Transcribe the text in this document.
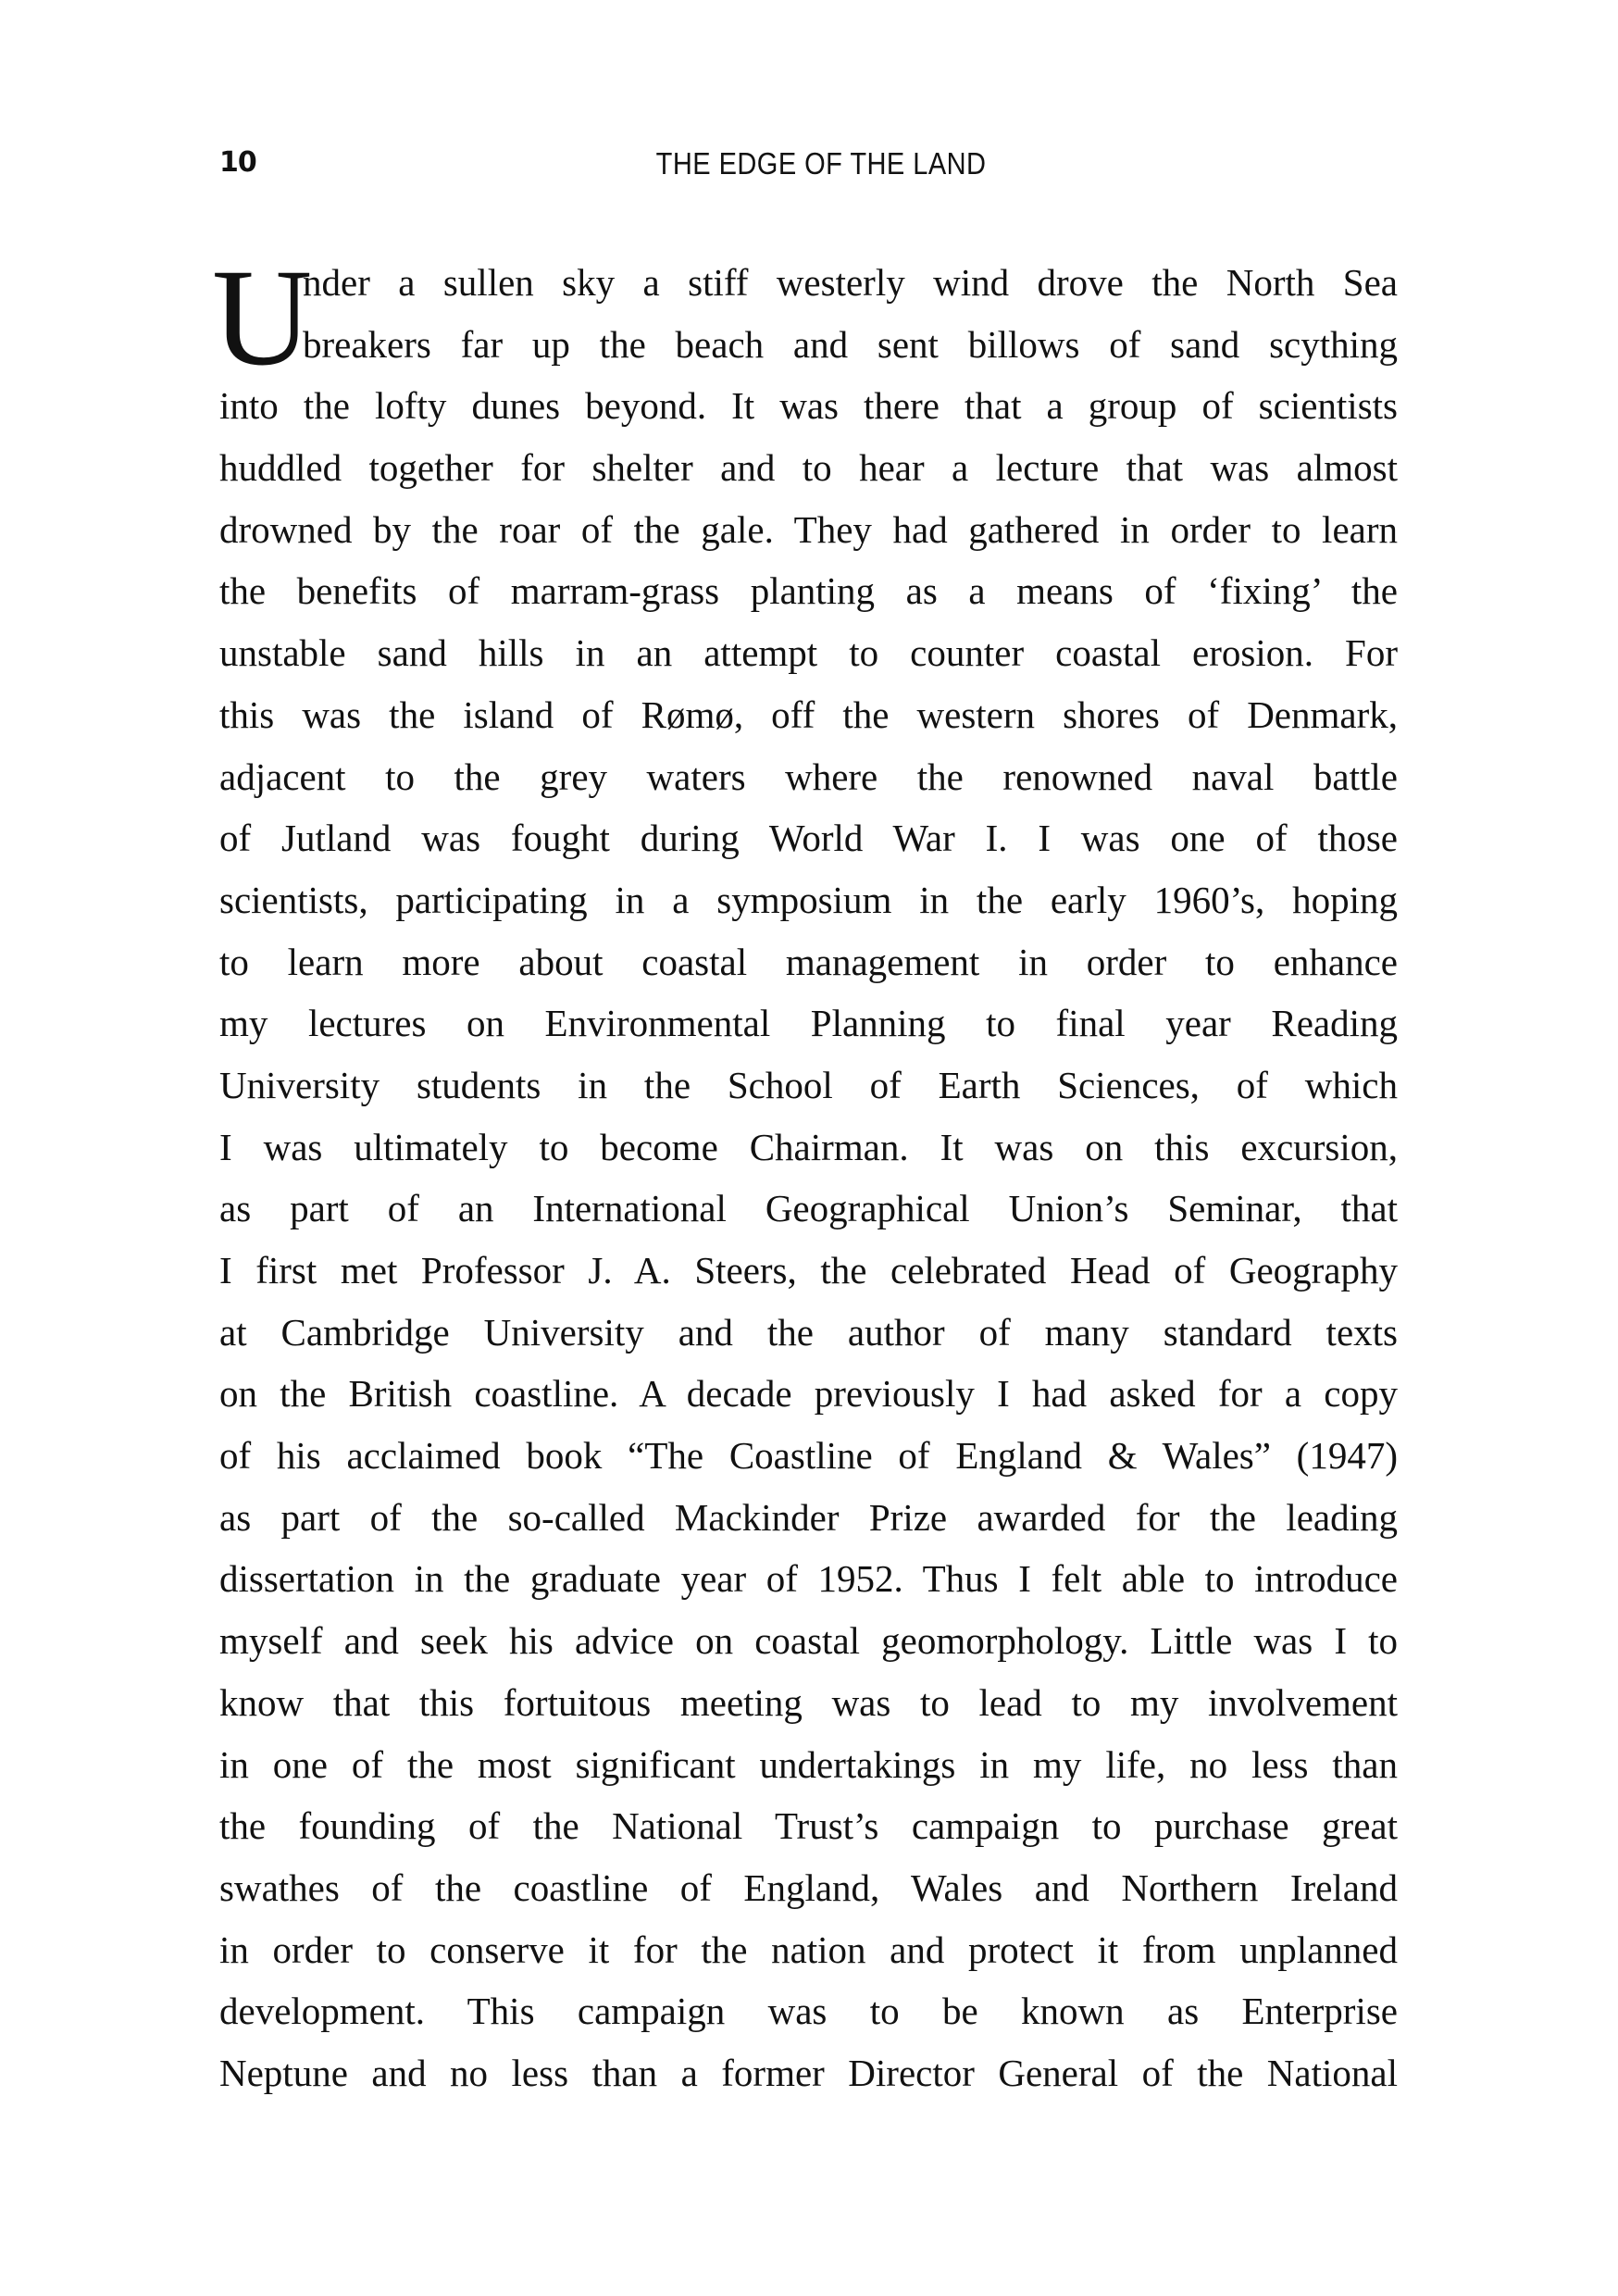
10	THE EDGE OF THE LAND
U
nder a sullen sky a stiff westerly wind drove the North Sea
breakers far up the beach and sent billows of sand scything
into the lofty dunes beyond. It was there that a group of scientists
huddled together for shelter and to hear a lecture that was almost
drowned by the roar of the gale. They had gathered in order to learn
the benefits of marram-grass planting as a means of ‘fixing’ the
unstable sand hills in an attempt to counter coastal erosion. For
this was the island of Rømø, off the western shores of Denmark,
adjacent to the grey waters where the renowned naval battle
of Jutland was fought during World War I. I was one of those
scientists, participating in a symposium in the early 1960’s, hoping
to learn more about coastal management in order to enhance
my lectures on Environmental Planning to final year Reading
University students in the School of Earth Sciences, of which
I was ultimately to become Chairman. It was on this excursion,
as part of an International Geographical Union’s Seminar, that
I first met Professor J. A. Steers, the celebrated Head of Geography
at Cambridge University and the author of many standard texts
on the British coastline. A decade previously I had asked for a copy
of his acclaimed book “The Coastline of England & Wales” (1947)
as part of the so-called Mackinder Prize awarded for the leading
dissertation in the graduate year of 1952. Thus I felt able to introduce
myself and seek his advice on coastal geomorphology. Little was I to
know that this fortuitous meeting was to lead to my involvement
in one of the most significant undertakings in my life, no less than
the founding of the National Trust’s campaign to purchase great
swathes of the coastline of England, Wales and Northern Ireland
in order to conserve it for the nation and protect it from unplanned
development. This campaign was to be known as Enterprise
Neptune and no less than a former Director General of the National
